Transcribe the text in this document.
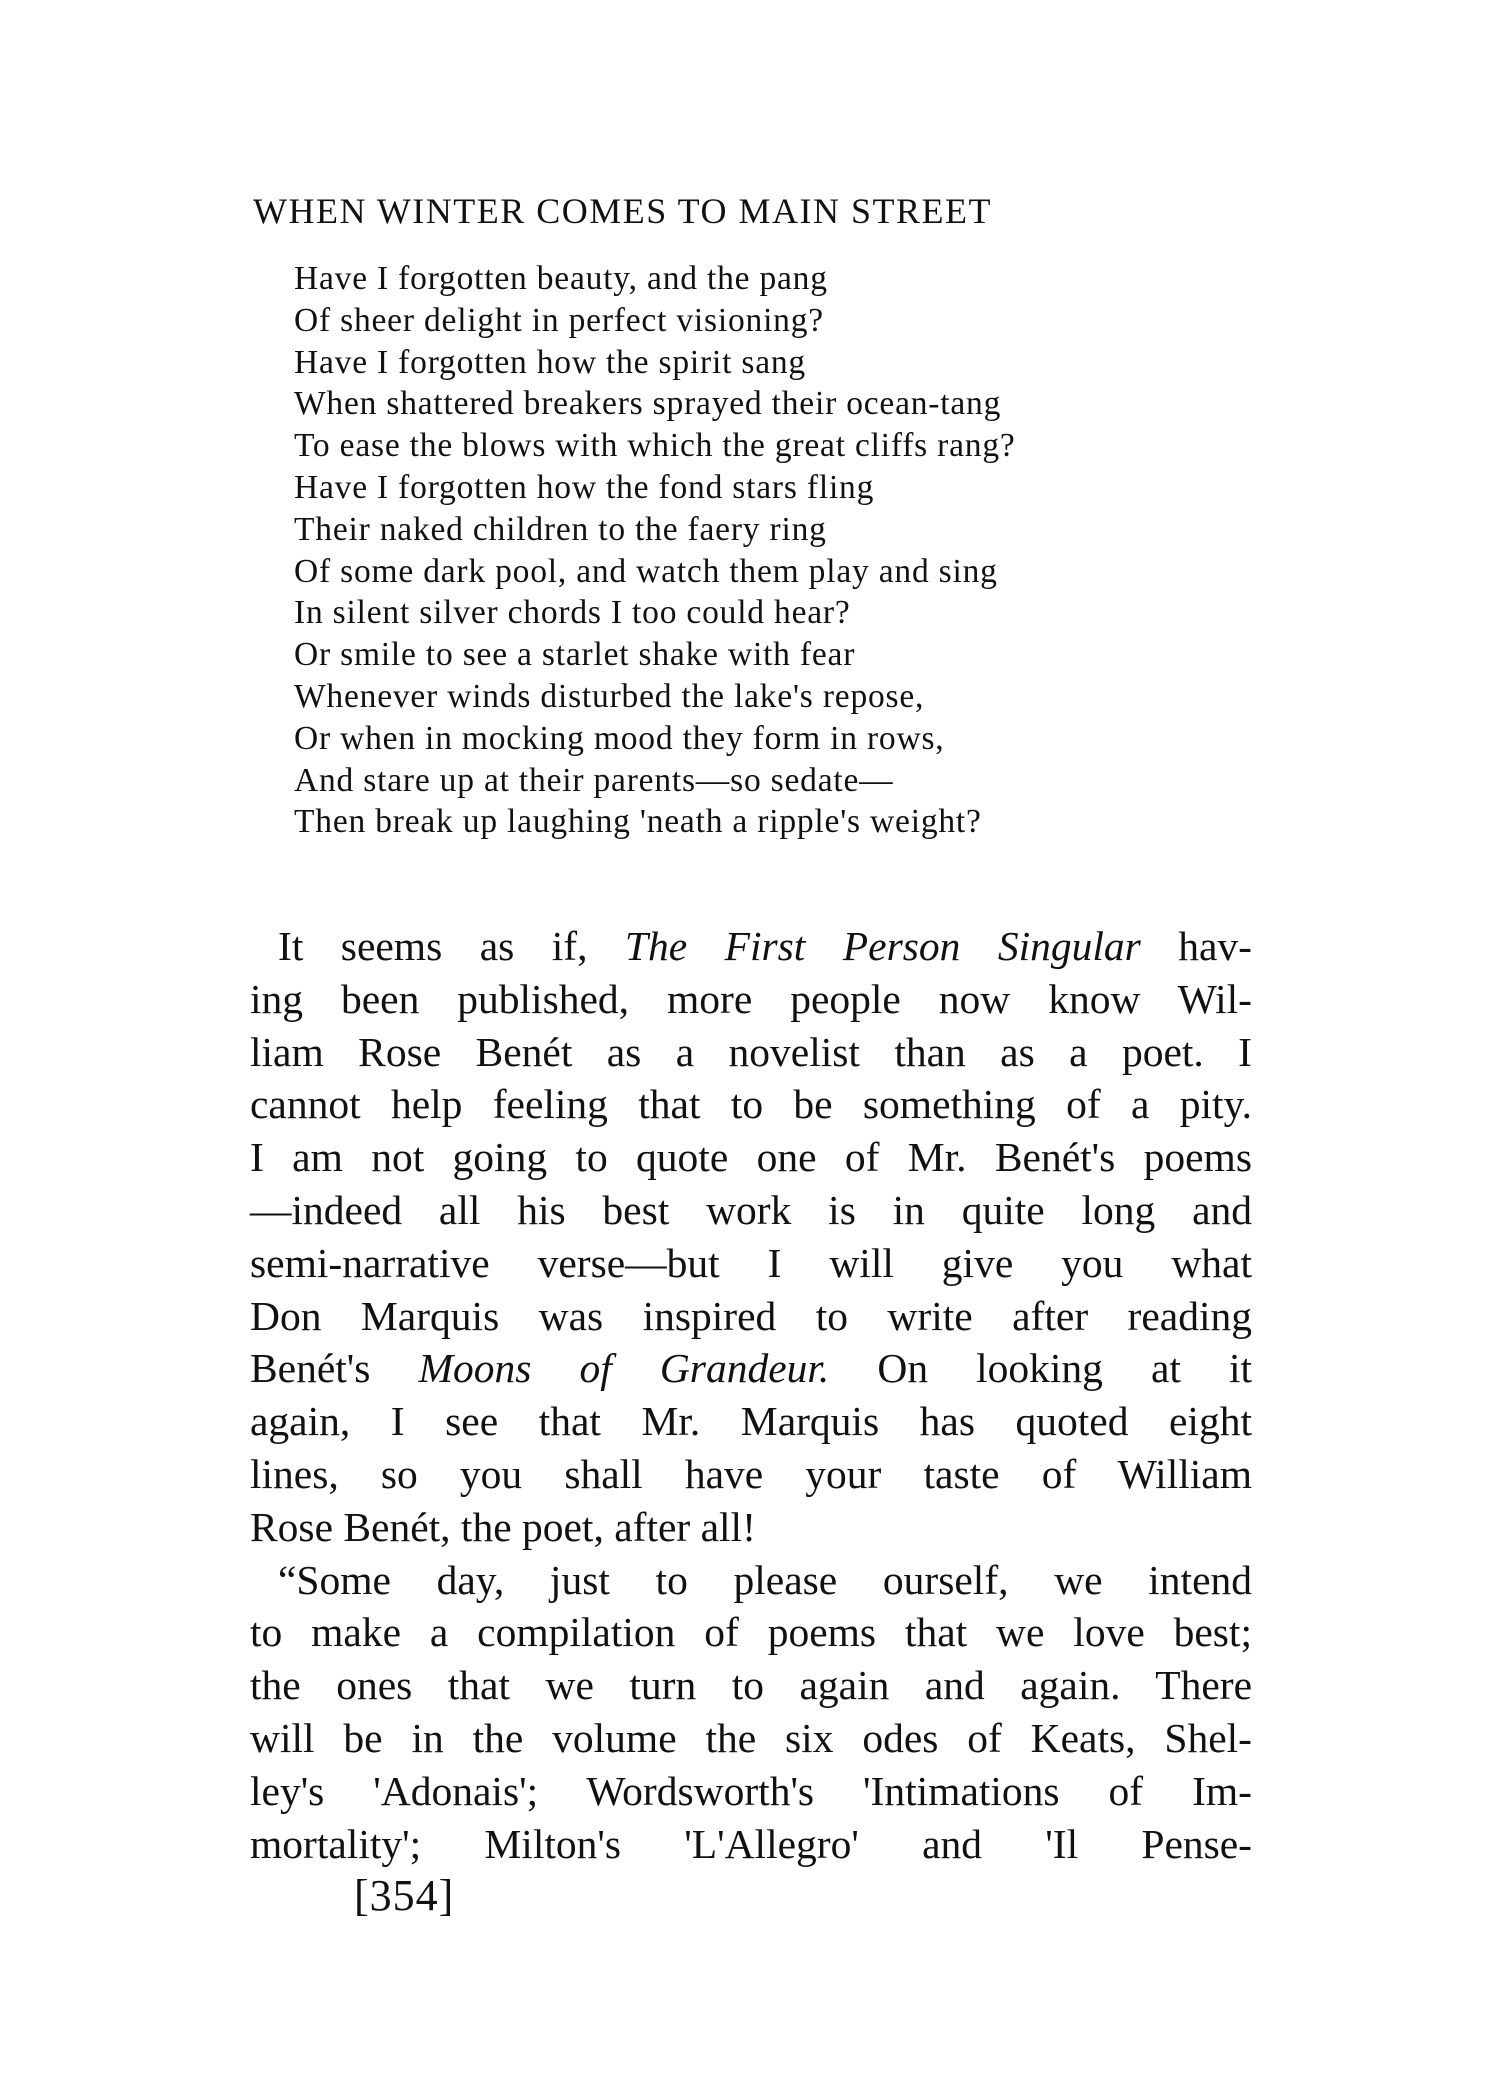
WHEN WINTER COMES TO MAIN STREET
Have I forgotten beauty, and the pang
Of sheer delight in perfect visioning?
Have I forgotten how the spirit sang
When shattered breakers sprayed their ocean-tang
To ease the blows with which the great cliffs rang?
Have I forgotten how the fond stars fling
Their naked children to the faery ring
Of some dark pool, and watch them play and sing
In silent silver chords I too could hear?
Or smile to see a starlet shake with fear
Whenever winds disturbed the lake's repose,
Or when in mocking mood they form in rows,
And stare up at their parents—so sedate—
Then break up laughing 'neath a ripple's weight?
It seems as if, The First Person Singular hav-
ing been published, more people now know Wil-
liam Rose Benét as a novelist than as a poet. I
cannot help feeling that to be something of a pity.
I am not going to quote one of Mr. Benét's poems
—indeed all his best work is in quite long and
semi-narrative verse—but I will give you what
Don Marquis was inspired to write after reading
Benét's Moons of Grandeur. On looking at it
again, I see that Mr. Marquis has quoted eight
lines, so you shall have your taste of William
Rose Benét, the poet, after all!
“Some day, just to please ourself, we intend
to make a compilation of poems that we love best;
the ones that we turn to again and again. There
will be in the volume the six odes of Keats, Shel-
ley's 'Adonais'; Wordsworth's 'Intimations of Im-
mortality'; Milton's 'L'Allegro' and 'Il Pense-
[354]
